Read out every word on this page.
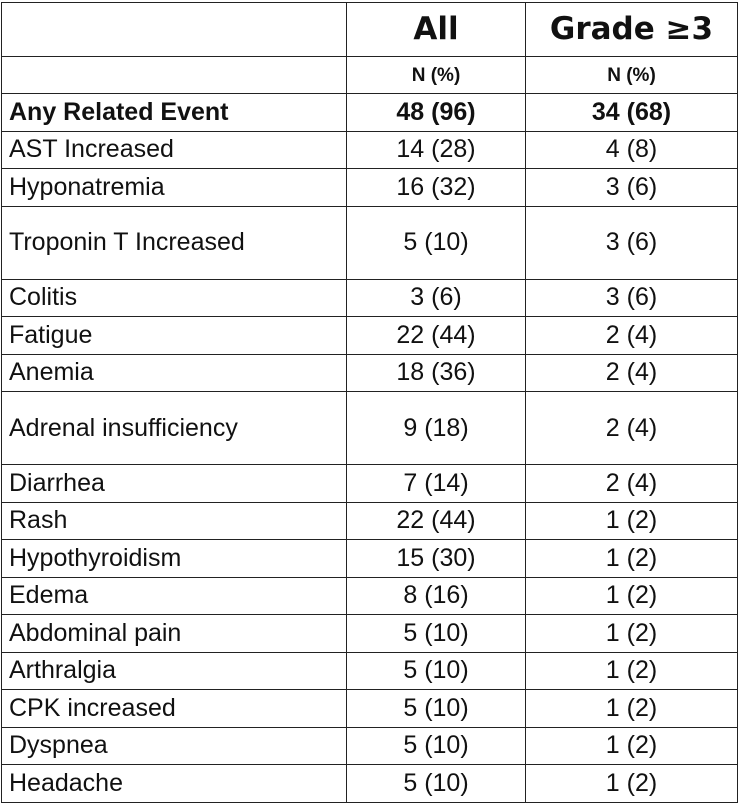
	All	Grade ≥3
	N (%)	N (%)
Any Related Event	48 (96)	34 (68)
AST Increased	14 (28)	4 (8)
Hyponatremia	16 (32)	3 (6)
Troponin T Increased	5 (10)	3 (6)
Colitis	3 (6)	3 (6)
Fatigue	22 (44)	2 (4)
Anemia	18 (36)	2 (4)
Adrenal insufficiency	9 (18)	2 (4)
Diarrhea	7 (14)	2 (4)
Rash	22 (44)	1 (2)
Hypothyroidism	15 (30)	1 (2)
Edema	8 (16)	1 (2)
Abdominal pain	5 (10)	1 (2)
Arthralgia	5 (10)	1 (2)
CPK increased	5 (10)	1 (2)
Dyspnea	5 (10)	1 (2)
Headache	5 (10)	1 (2)
